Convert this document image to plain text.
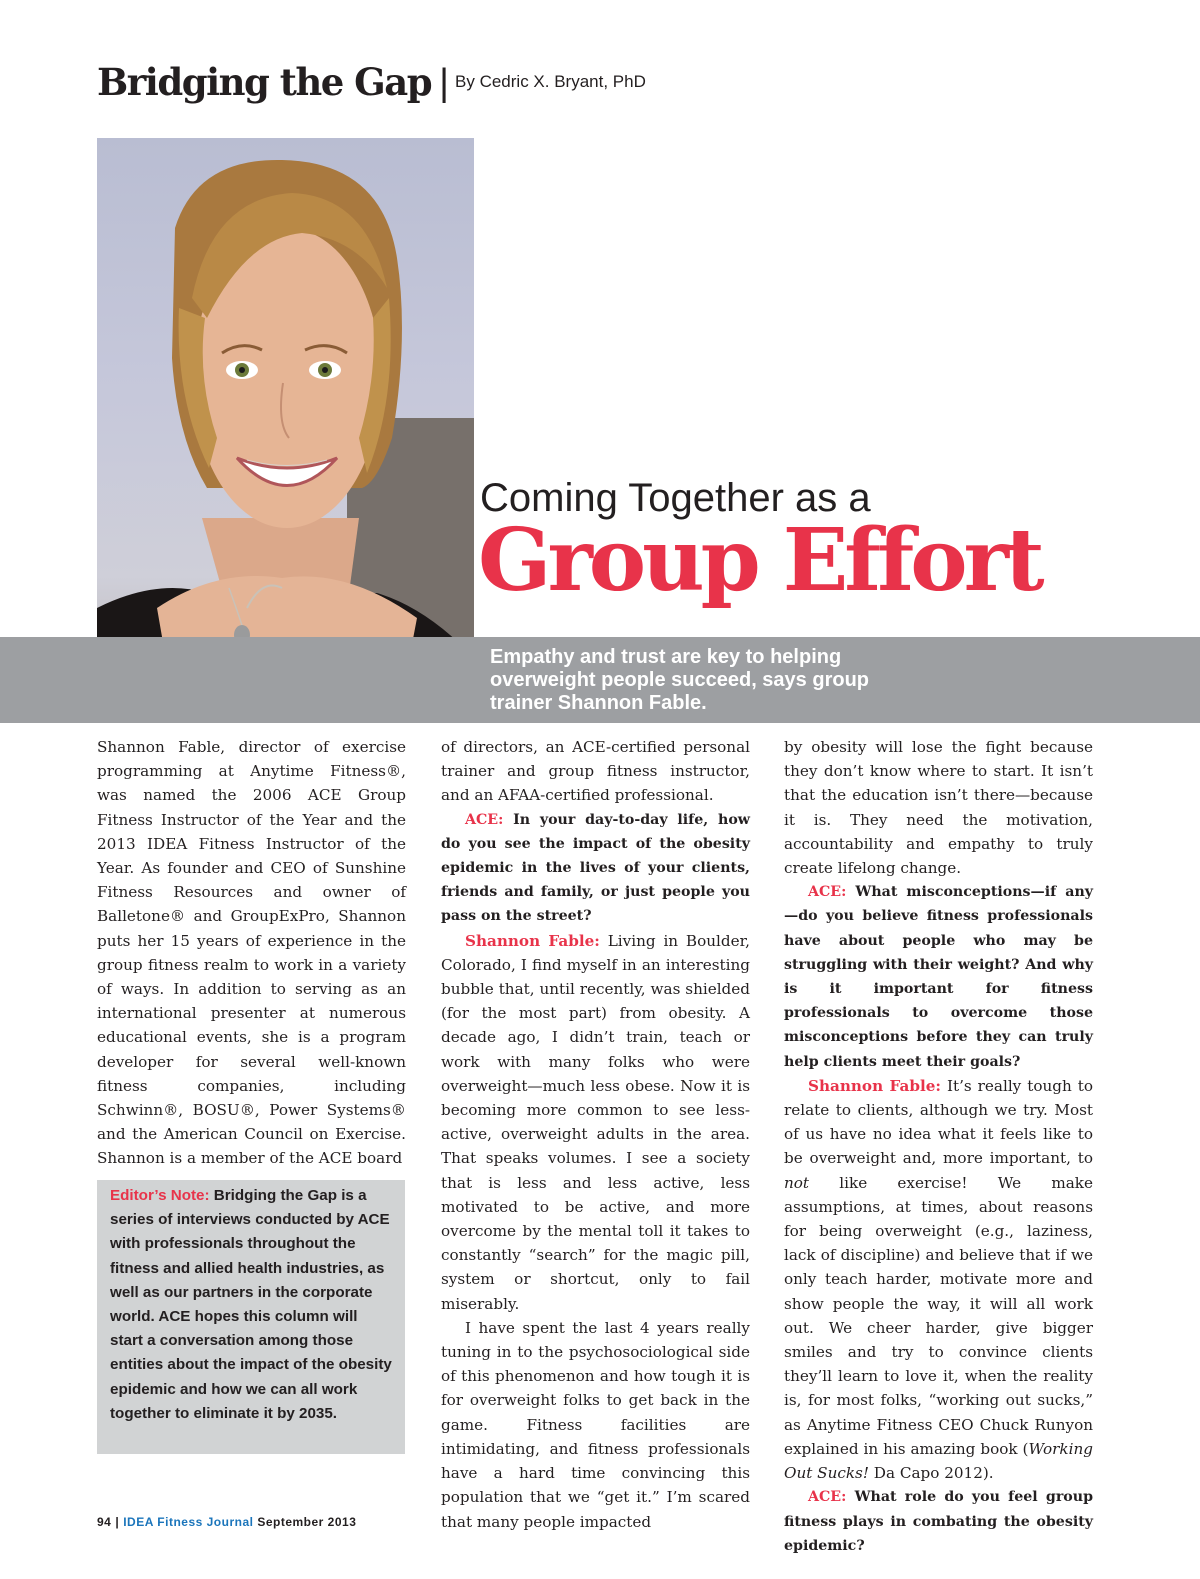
Bridging the Gap | By Cedric X. Bryant, PhD
Coming Together as a
Group Effort
Empathy and trust are key to helping overweight people succeed, says group trainer Shannon Fable.

Shannon Fable, director of exercise programming at Anytime Fitness®, was named the 2006 ACE Group Fitness Instructor of the Year and the 2013 IDEA Fitness Instructor of the Year. As founder and CEO of Sunshine Fitness Resources and owner of Balletone® and GroupExPro, Shannon puts her 15 years of experience in the group fitness realm to work in a variety of ways. In addition to serving as an international presenter at numerous educational events, she is a program developer for several well-known fitness companies, including Schwinn®, BOSU®, Power Systems® and the American Council on Exercise. Shannon is a member of the ACE board

Editor’s Note: Bridging the Gap is a series of interviews conducted by ACE with professionals throughout the fitness and allied health industries, as well as our partners in the corporate world. ACE hopes this column will start a conversation among those entities about the impact of the obesity epidemic and how we can all work together to eliminate it by 2035.

of directors, an ACE-certified personal trainer and group fitness instructor, and an AFAA-certified professional.

ACE: In your day-to-day life, how do you see the impact of the obesity epidemic in the lives of your clients, friends and family, or just people you pass on the street?

Shannon Fable: Living in Boulder, Colorado, I find myself in an interesting bubble that, until recently, was shielded (for the most part) from obesity. A decade ago, I didn’t train, teach or work with many folks who were overweight—much less obese. Now it is becoming more common to see less-active, overweight adults in the area. That speaks volumes. I see a society that is less and less active, less motivated to be active, and more overcome by the mental toll it takes to constantly “search” for the magic pill, system or shortcut, only to fail miserably.

I have spent the last 4 years really tuning in to the psychosociological side of this phenomenon and how tough it is for overweight folks to get back in the game. Fitness facilities are intimidating, and fitness professionals have a hard time convincing this population that we “get it.” I’m scared that many people impacted

by obesity will lose the fight because they don’t know where to start. It isn’t that the education isn’t there—because it is. They need the motivation, accountability and empathy to truly create lifelong change.

ACE: What misconceptions—if any—do you believe fitness professionals have about people who may be struggling with their weight? And why is it important for fitness professionals to overcome those misconceptions before they can truly help clients meet their goals?

Shannon Fable: It’s really tough to relate to clients, although we try. Most of us have no idea what it feels like to be overweight and, more important, to not like exercise! We make assumptions, at times, about reasons for being overweight (e.g., laziness, lack of discipline) and believe that if we only teach harder, motivate more and show people the way, it will all work out. We cheer harder, give bigger smiles and try to convince clients they’ll learn to love it, when the reality is, for most folks, “working out sucks,” as Anytime Fitness CEO Chuck Runyon explained in his amazing book (Working Out Sucks! Da Capo 2012).

ACE: What role do you feel group fitness plays in combating the obesity epidemic?

94 | IDEA Fitness Journal September 2013
